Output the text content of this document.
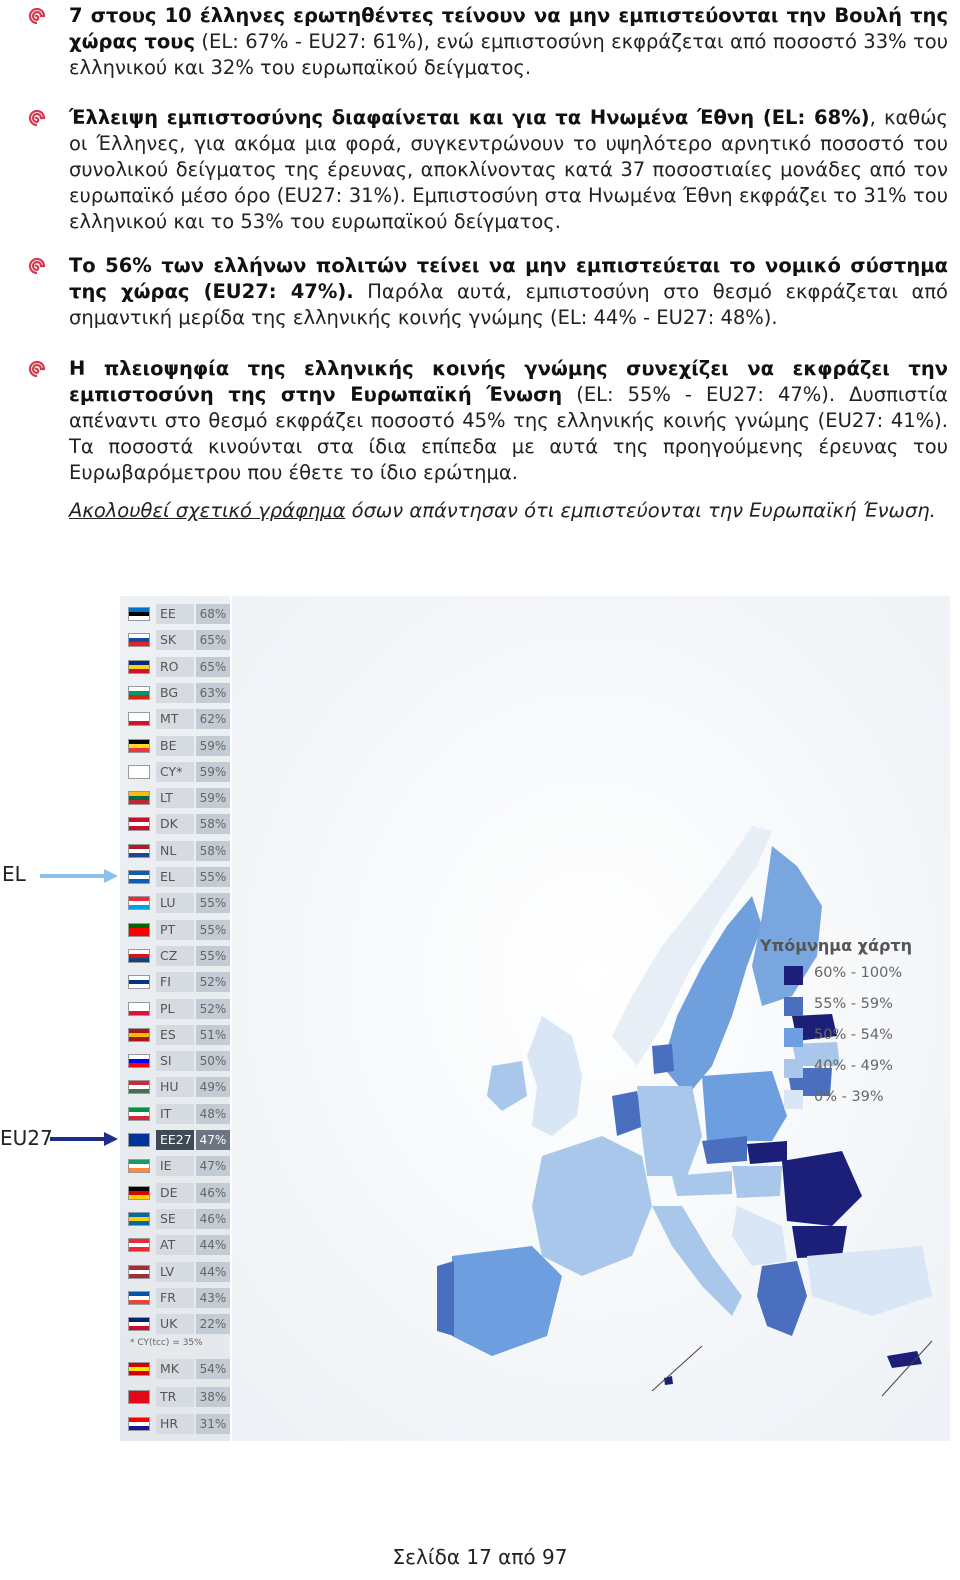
7 στους 10 έλληνες ερωτηθέντες τείνουν να μην εμπιστεύονται την Βουλή της χώρας τους (EL: 67% - EU27: 61%), ενώ εμπιστοσύνη εκφράζεται από ποσοστό 33% του ελληνικού και 32% του ευρωπαϊκού δείγματος.

Έλλειψη εμπιστοσύνης διαφαίνεται και για τα Ηνωμένα Έθνη (EL: 68%), καθώς οι Έλληνες, για ακόμα μια φορά, συγκεντρώνουν το υψηλότερο αρνητικό ποσοστό του συνολικού δείγματος της έρευνας, αποκλίνοντας κατά 37 ποσοστιαίες μονάδες από τον ευρωπαϊκό μέσο όρο (EU27: 31%). Εμπιστοσύνη στα Ηνωμένα Έθνη εκφράζει το 31% του ελληνικού και το 53% του ευρωπαϊκού δείγματος.

Το 56% των ελλήνων πολιτών τείνει να μην εμπιστεύεται το νομικό σύστημα της χώρας (EU27: 47%). Παρόλα αυτά, εμπιστοσύνη στο θεσμό εκφράζεται από σημαντική μερίδα της ελληνικής κοινής γνώμης (EL: 44% - EU27: 48%).

Η πλειοψηφία της ελληνικής κοινής γνώμης συνεχίζει να εκφράζει την εμπιστοσύνη της στην Ευρωπαϊκή Ένωση (EL: 55% - EU27: 47%). Δυσπιστία απέναντι στο θεσμό εκφράζει ποσοστό 45% της ελληνικής κοινής γνώμης (EU27: 41%). Τα ποσοστά κινούνται στα ίδια επίπεδα με αυτά της προηγούμενης έρευνας του Ευρωβαρόμετρου που έθετε το ίδιο ερώτημα.

Ακολουθεί σχετικό γράφημα όσων απάντησαν ότι εμπιστεύονται την Ευρωπαϊκή Ένωση.

EL
EU27
EE	68%
SK	65%
RO	65%
BG	63%
MT	62%
BE	59%
CY*	59%
LT	59%
DK	58%
NL	58%
EL	55%
LU	55%
PT	55%
CZ	55%
FI	52%
PL	52%
ES	51%
SI	50%
HU	49%
IT	48%
EE27 47%
IE	47%
DE	46%
SE	46%
AT	44%
LV	44%
FR	43%
UK	22%
MK	54%
TR	38%
HR	31%
* CY(tcc) = 35%
Υπόμνημα χάρτη
60% - 100%
55% - 59%
50% - 54%
40% - 49%
0% - 39%
Σελίδα 17 από 97
